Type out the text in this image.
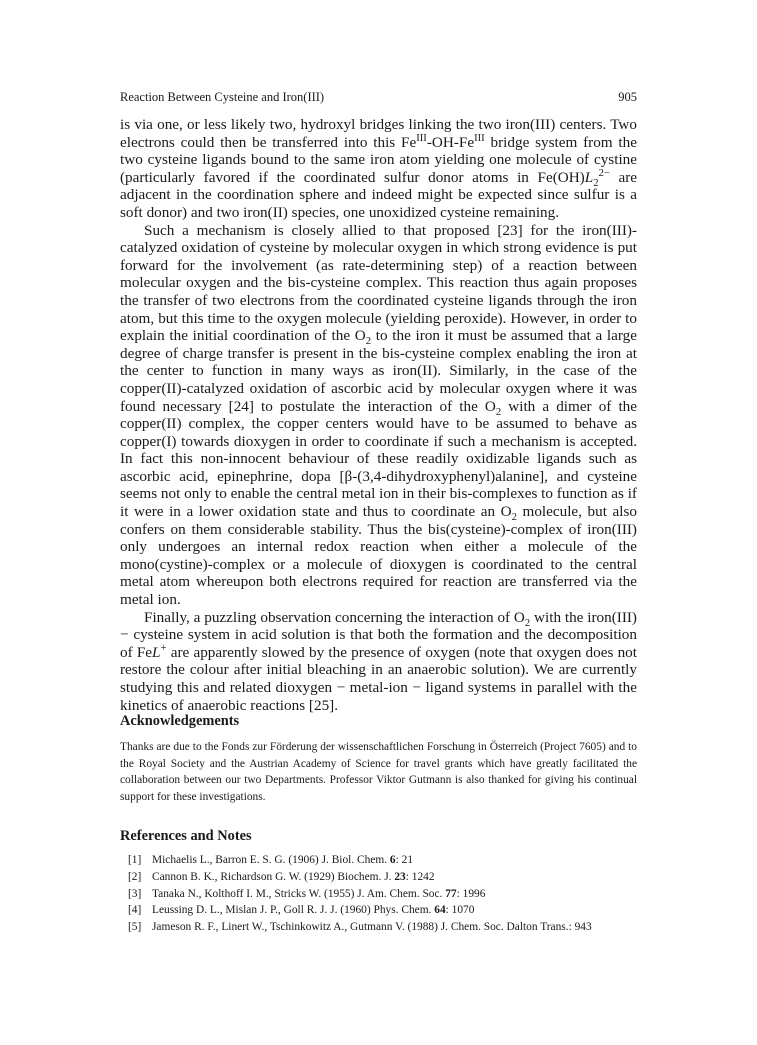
Reaction Between Cysteine and Iron(III)	905

is via one, or less likely two, hydroxyl bridges linking the two iron(III) centers. Two electrons could then be transferred into this $Fe^{III}-OH-Fe^{III}$ bridge system from the two cysteine ligands bound to the same iron atom yielding one molecule of cystine (particularly favored if the coordinated sulfur donor atoms in $Fe(OH)L_2^{2-}$ are adjacent in the coordination sphere and indeed might be expected since sulfur is a soft donor) and two iron(II) species, one unoxidized cysteine remaining.

Such a mechanism is closely allied to that proposed [23] for the iron(III)-catalyzed oxidation of cysteine by molecular oxygen in which strong evidence is put forward for the involvement (as rate-determining step) of a reaction between molecular oxygen and the bis-cysteine complex. This reaction thus again proposes the transfer of two electrons from the coordinated cysteine ligands through the iron atom, but this time to the oxygen molecule (yielding peroxide). However, in order to explain the initial coordination of the $O_2$ to the iron it must be assumed that a large degree of charge transfer is present in the bis-cysteine complex enabling the iron at the center to function in many ways as iron(II). Similarly, in the case of the copper(II)-catalyzed oxidation of ascorbic acid by molecular oxygen where it was found necessary [24] to postulate the interaction of the $O_2$ with a dimer of the copper(II) complex, the copper centers would have to be assumed to behave as copper(I) towards dioxygen in order to coordinate if such a mechanism is accepted. In fact this non-innocent behaviour of these readily oxidizable ligands such as ascorbic acid, epinephrine, dopa [β-(3,4-dihydroxyphenyl)alanine], and cysteine seems not only to enable the central metal ion in their bis-complexes to function as if it were in a lower oxidation state and thus to coordinate an $O_2$ molecule, but also confers on them considerable stability. Thus the bis(cysteine)-complex of iron(III) only undergoes an internal redox reaction when either a molecule of the mono(cystine)-complex or a molecule of dioxygen is coordinated to the central metal atom whereupon both electrons required for reaction are transferred via the metal ion.

Finally, a puzzling observation concerning the interaction of $O_2$ with the iron(III) − cysteine system in acid solution is that both the formation and the decomposition of FeL+ are apparently slowed by the presence of oxygen (note that oxygen does not restore the colour after initial bleaching in an anaerobic solution). We are currently studying this and related dioxygen − metal-ion − ligand systems in parallel with the kinetics of anaerobic reactions [25].

Acknowledgements
Thanks are due to the Fonds zur Förderung der wissenschaftlichen Forschung in Österreich (Project 7605) and to the Royal Society and the Austrian Academy of Science for travel grants which have greatly facilitated the collaboration between our two Departments. Professor Viktor Gutmann is also thanked for giving his continual support for these investigations.
References and Notes
[1] Michaelis L., Barron E. S. G. (1906) J. Biol. Chem. 6: 21
[2] Cannon B. K., Richardson G. W. (1929) Biochem. J. 23: 1242
[3] Tanaka N., Kolthoff I. M., Stricks W. (1955) J. Am. Chem. Soc. 77: 1996
[4] Leussing D. L., Mislan J. P., Goll R. J. J. (1960) Phys. Chem. 64: 1070
[5] Jameson R. F., Linert W., Tschinkowitz A., Gutmann V. (1988) J. Chem. Soc. Dalton Trans.: 943
